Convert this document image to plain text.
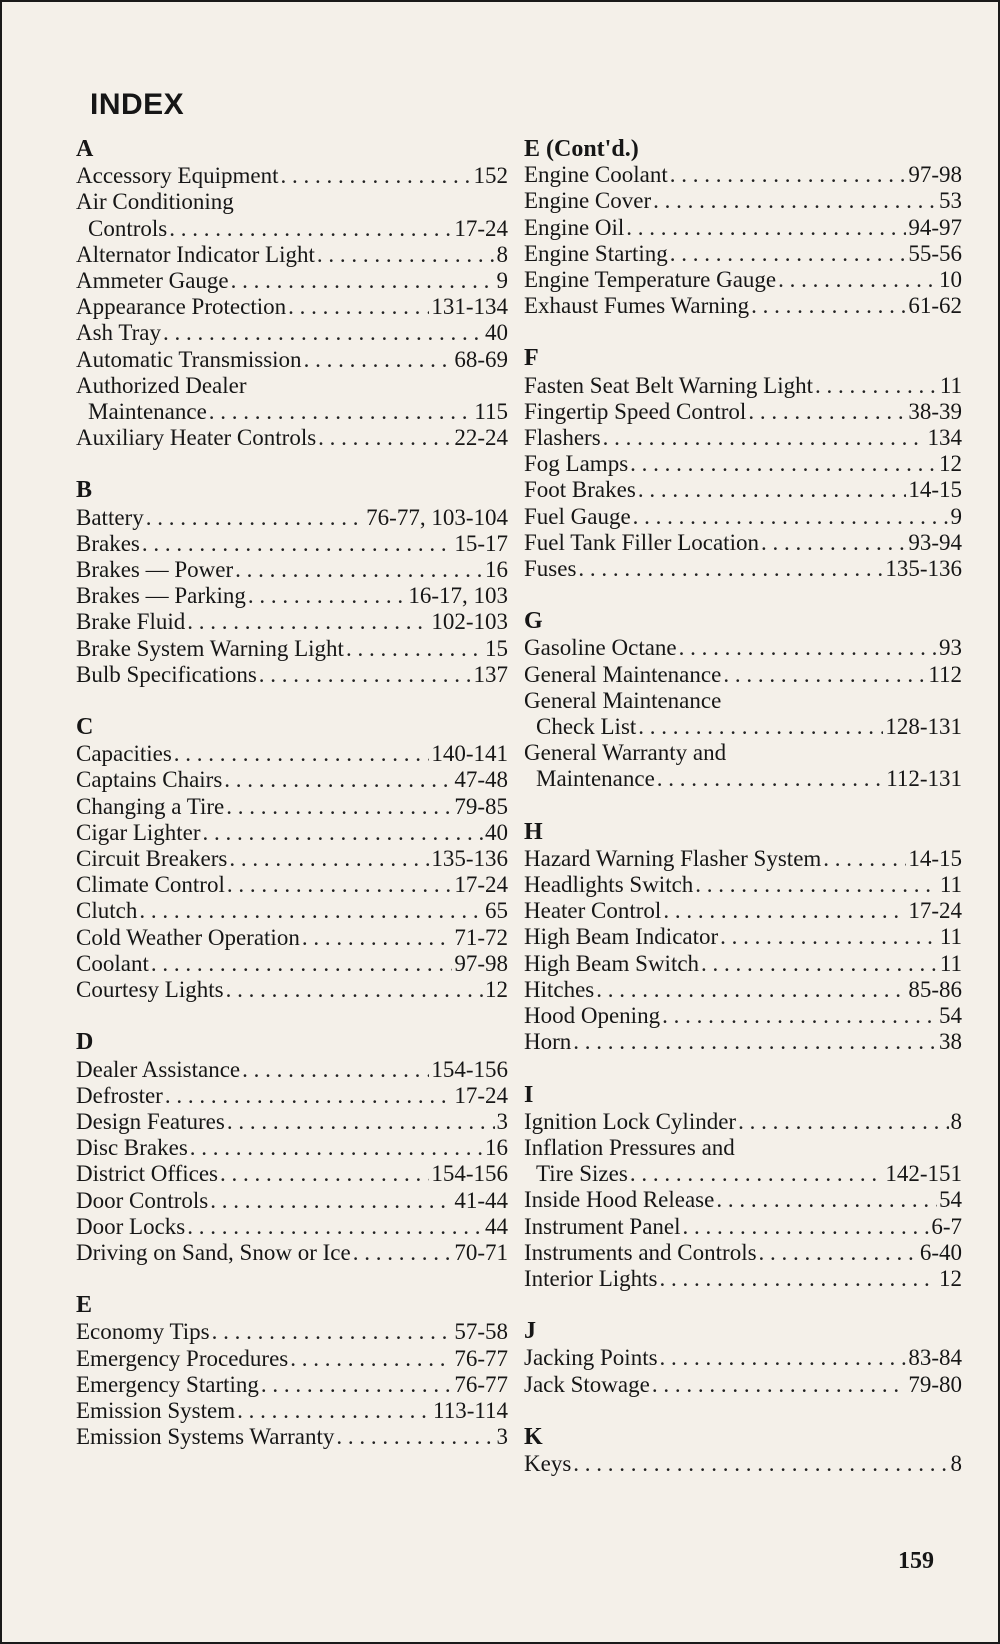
INDEX
A
Accessory Equipment . . .	152
Air Conditioning
Controls . . .	17-24
Alternator Indicator Light . . .	8
Ammeter Gauge . . .	9
Appearance Protection . . .	131-134
Ash Tray . . .	40
Automatic Transmission . . .	68-69
Authorized Dealer
Maintenance . . .	115
Auxiliary Heater Controls . . .	22-24
B
Battery . . .	76-77, 103-104
Brakes . . .	15-17
Brakes — Power . . .	16
Brakes — Parking . . .	16-17, 103
Brake Fluid . . .	102-103
Brake System Warning Light . . .	15
Bulb Specifications . . .	137
C
Capacities . . .	140-141
Captains Chairs . . .	47-48
Changing a Tire . . .	79-85
Cigar Lighter . . .	40
Circuit Breakers . . .	135-136
Climate Control . . .	17-24
Clutch . . .	65
Cold Weather Operation . . .	71-72
Coolant . . .	97-98
Courtesy Lights . . .	12
D
Dealer Assistance . . .	154-156
Defroster . . .	17-24
Design Features . . .	3
Disc Brakes . . .	16
District Offices . . .	154-156
Door Controls . . .	41-44
Door Locks . . .	44
Driving on Sand, Snow or Ice . . .	70-71
E
Economy Tips . . .	57-58
Emergency Procedures . . .	76-77
Emergency Starting . . .	76-77
Emission System . . .	113-114
Emission Systems Warranty . . .	3
E (Cont'd.)
Engine Coolant . . .	97-98
Engine Cover . . .	53
Engine Oil . . .	94-97
Engine Starting . . .	55-56
Engine Temperature Gauge . . .	10
Exhaust Fumes Warning . . .	61-62
F
Fasten Seat Belt Warning Light . . .	11
Fingertip Speed Control . . .	38-39
Flashers . . .	134
Fog Lamps . . .	12
Foot Brakes . . .	14-15
Fuel Gauge . . .	9
Fuel Tank Filler Location . . .	93-94
Fuses . . .	135-136
G
Gasoline Octane . . .	93
General Maintenance . . .	112
General Maintenance
Check List . . .	128-131
General Warranty and
Maintenance . . .	112-131
H
Hazard Warning Flasher System . . .	14-15
Headlights Switch . . .	11
Heater Control . . .	17-24
High Beam Indicator . . .	11
High Beam Switch . . .	11
Hitches . . .	85-86
Hood Opening . . .	54
Horn . . .	38
I
Ignition Lock Cylinder . . .	8
Inflation Pressures and
Tire Sizes . . .	142-151
Inside Hood Release . . .	54
Instrument Panel . . .	6-7
Instruments and Controls . . .	6-40
Interior Lights . . .	12
J
Jacking Points . . .	83-84
Jack Stowage . . .	79-80
K
Keys . . .	8
159
